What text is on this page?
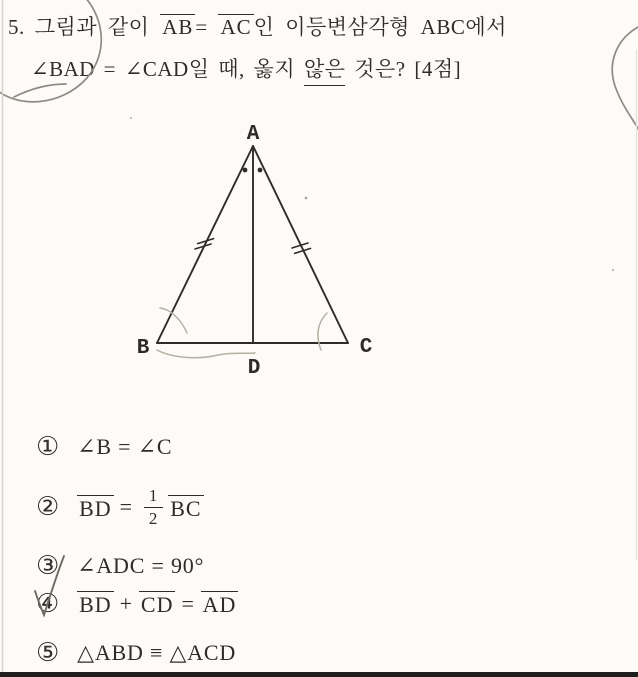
5. 그림과 같이 AB= AC인 이등변삼각형 ABC에서
∠BAD = ∠CAD일 때, 옳지 않은 것은? [4점]
① ∠B = ∠C
② BD = $\frac{1}{2}$ BC
③ ∠ADC = 90°
④ BD + CD = AD
⑤ △ABD ≡ △ACD
A
B	C
D
